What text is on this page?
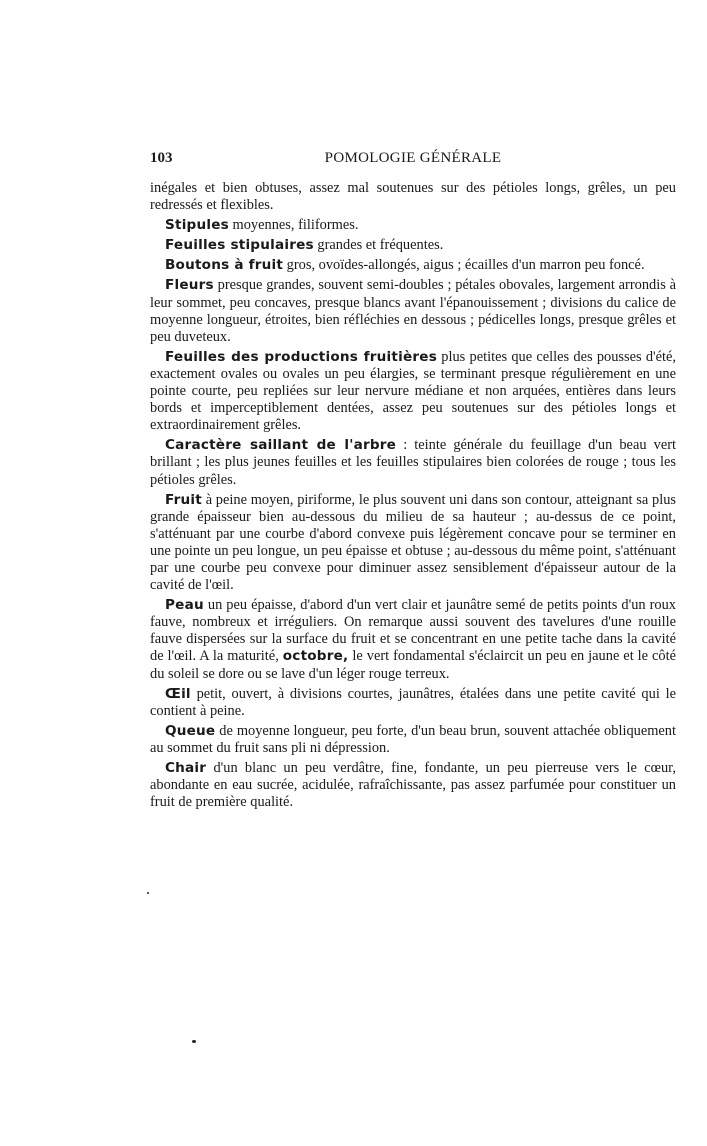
103	POMOLOGIE GÉNÉRALE

inégales et bien obtuses, assez mal soutenues sur des pétioles longs, grêles, un peu redressés et flexibles.

Stipules moyennes, filiformes.

Feuilles stipulaires grandes et fréquentes.

Boutons à fruit gros, ovoïdes-allongés, aigus ; écailles d'un marron peu foncé.

Fleurs presque grandes, souvent semi-doubles ; pétales obovales, largement arrondis à leur sommet, peu concaves, presque blancs avant l'épanouissement ; divisions du calice de moyenne longueur, étroites, bien réfléchies en dessous ; pédicelles longs, presque grêles et peu duveteux.

Feuilles des productions fruitières plus petites que celles des pousses d'été, exactement ovales ou ovales un peu élargies, se terminant presque régulièrement en une pointe courte, peu repliées sur leur nervure médiane et non arquées, entières dans leurs bords et imperceptiblement dentées, assez peu soutenues sur des pétioles longs et extraordinairement grêles.

Caractère saillant de l'arbre : teinte générale du feuillage d'un beau vert brillant ; les plus jeunes feuilles et les feuilles stipulaires bien colorées de rouge ; tous les pétioles grêles.

Fruit à peine moyen, piriforme, le plus souvent uni dans son contour, atteignant sa plus grande épaisseur bien au-dessous du milieu de sa hauteur ; au-dessus de ce point, s'atténuant par une courbe d'abord convexe puis légèrement concave pour se terminer en une pointe un peu longue, un peu épaisse et obtuse ; au-dessous du même point, s'atténuant par une courbe peu convexe pour diminuer assez sensiblement d'épaisseur autour de la cavité de l'œil.

Peau un peu épaisse, d'abord d'un vert clair et jaunâtre semé de petits points d'un roux fauve, nombreux et irréguliers. On remarque aussi souvent des tavelures d'une rouille fauve dispersées sur la surface du fruit et se concentrant en une petite tache dans la cavité de l'œil. A la maturité, octobre, le vert fondamental s'éclaircit un peu en jaune et le côté du soleil se dore ou se lave d'un léger rouge terreux.

Œil petit, ouvert, à divisions courtes, jaunâtres, étalées dans une petite cavité qui le contient à peine.

Queue de moyenne longueur, peu forte, d'un beau brun, souvent attachée obliquement au sommet du fruit sans pli ni dépression.

Chair d'un blanc un peu verdâtre, fine, fondante, un peu pierreuse vers le cœur, abondante en eau sucrée, acidulée, rafraîchissante, pas assez parfumée pour constituer un fruit de première qualité.
